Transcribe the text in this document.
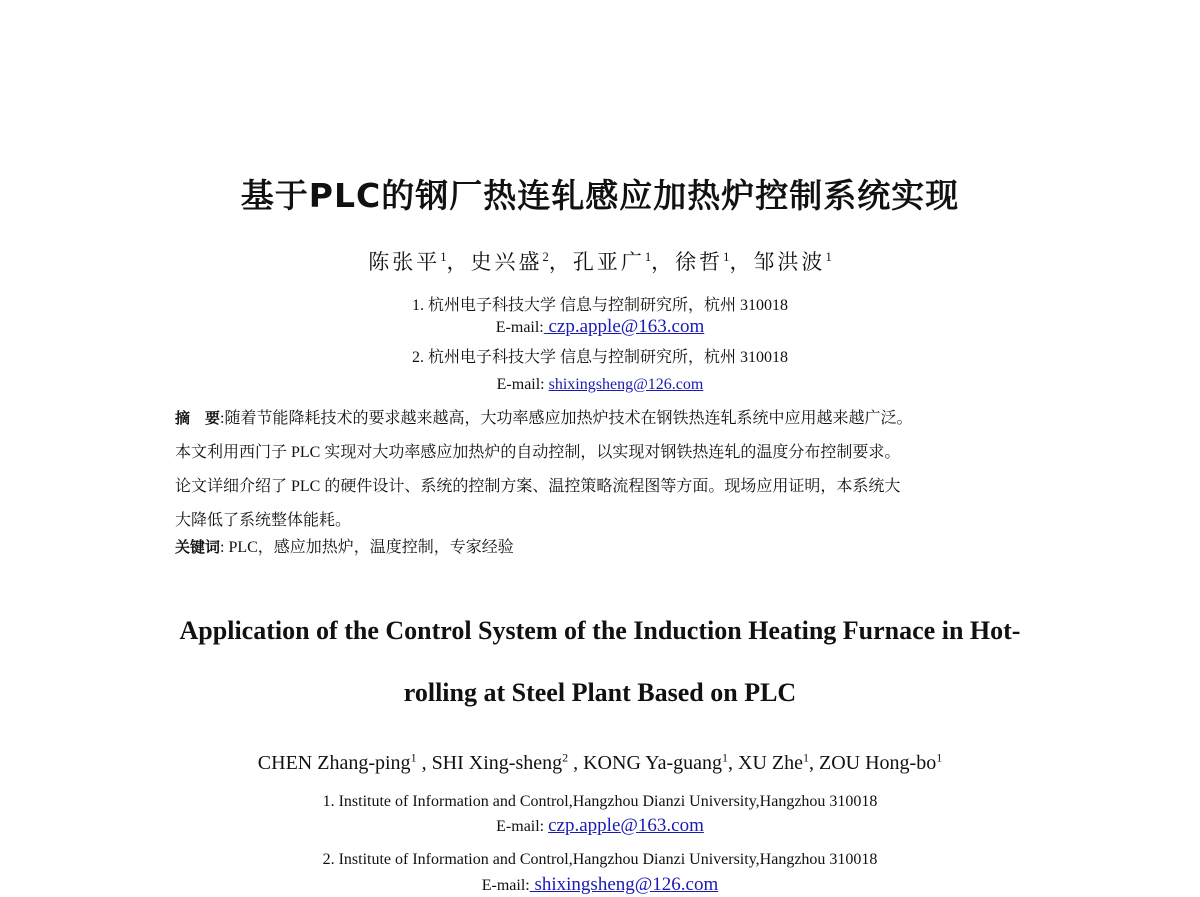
基于PLC的钢厂热连轧感应加热炉控制系统实现
陈张平$^1$，史兴盛$^2$，孔亚广$^1$，徐哲$^1$，邹洪波$^1$
1. 杭州电子科技大学 信息与控制研究所，杭州 310018
E-mail: czp.apple@163.com
2. 杭州电子科技大学 信息与控制研究所，杭州 310018
E-mail: shixingsheng@126.com
摘　要:随着节能降耗技术的要求越来越高，大功率感应加热炉技术在钢铁热连轧系统中应用越来越广泛。
本文利用西门子 PLC 实现对大功率感应加热炉的自动控制，以实现对钢铁热连轧的温度分布控制要求。
论文详细介绍了 PLC 的硬件设计、系统的控制方案、温控策略流程图等方面。现场应用证明，本系统大
大降低了系统整体能耗。
关键词: PLC，感应加热炉，温度控制，专家经验
Application of the Control System of the Induction Heating Furnace in Hot-
rolling at Steel Plant Based on PLC
CHEN Zhang-ping$^1$ , SHI Xing-sheng$^2$ , KONG Ya-guang$^1$, XU Zhe$^1$, ZOU Hong-$bo^1$
1. Institute of Information and Control,Hangzhou Dianzi University,Hangzhou 310018
E-mail: czp.apple@163.com
2. Institute of Information and Control,Hangzhou Dianzi University,Hangzhou 310018
E-mail: shixingsheng@126.com
